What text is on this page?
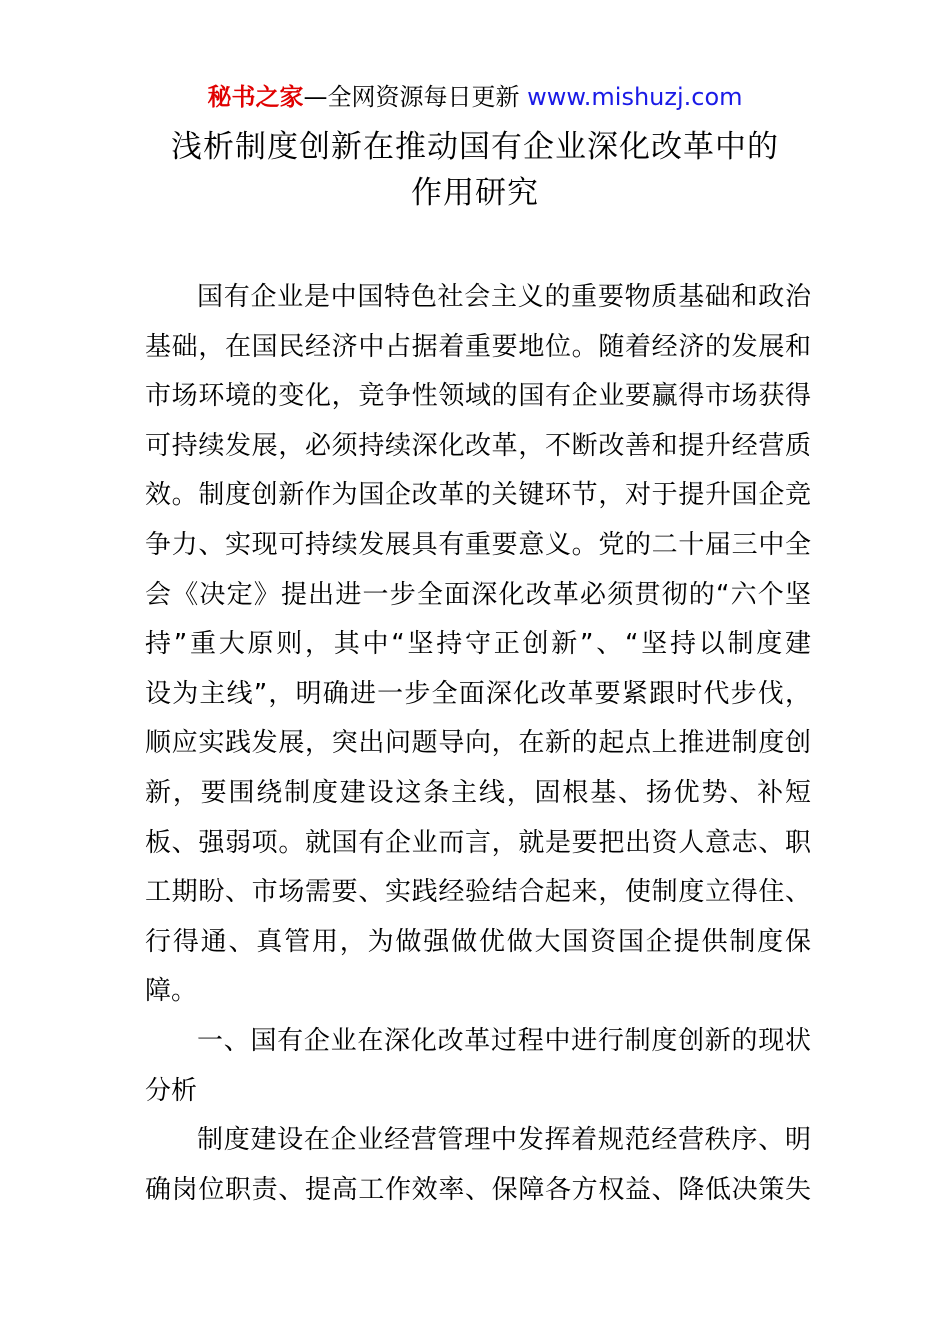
秘书之家—全网资源每日更新 www.mishuzj.com
浅析制度创新在推动国有企业深化改革中的
作用研究
国有企业是中国特色社会主义的重要物质基础和政治
基础，在国民经济中占据着重要地位。随着经济的发展和
市场环境的变化，竞争性领域的国有企业要赢得市场获得
可持续发展，必须持续深化改革，不断改善和提升经营质
效。制度创新作为国企改革的关键环节，对于提升国企竞
争力、实现可持续发展具有重要意义。党的二十届三中全
会《决定》提出进一步全面深化改革必须贯彻的“六个坚
持”重大原则，其中“坚持守正创新”、“坚持以制度建
设为主线”，明确进一步全面深化改革要紧跟时代步伐，
顺应实践发展，突出问题导向，在新的起点上推进制度创
新，要围绕制度建设这条主线，固根基、扬优势、补短
板、强弱项。就国有企业而言，就是要把出资人意志、职
工期盼、市场需要、实践经验结合起来，使制度立得住、
行得通、真管用，为做强做优做大国资国企提供制度保
障。
一、国有企业在深化改革过程中进行制度创新的现状
分析
制度建设在企业经营管理中发挥着规范经营秩序、明
确岗位职责、提高工作效率、保障各方权益、降低决策失
